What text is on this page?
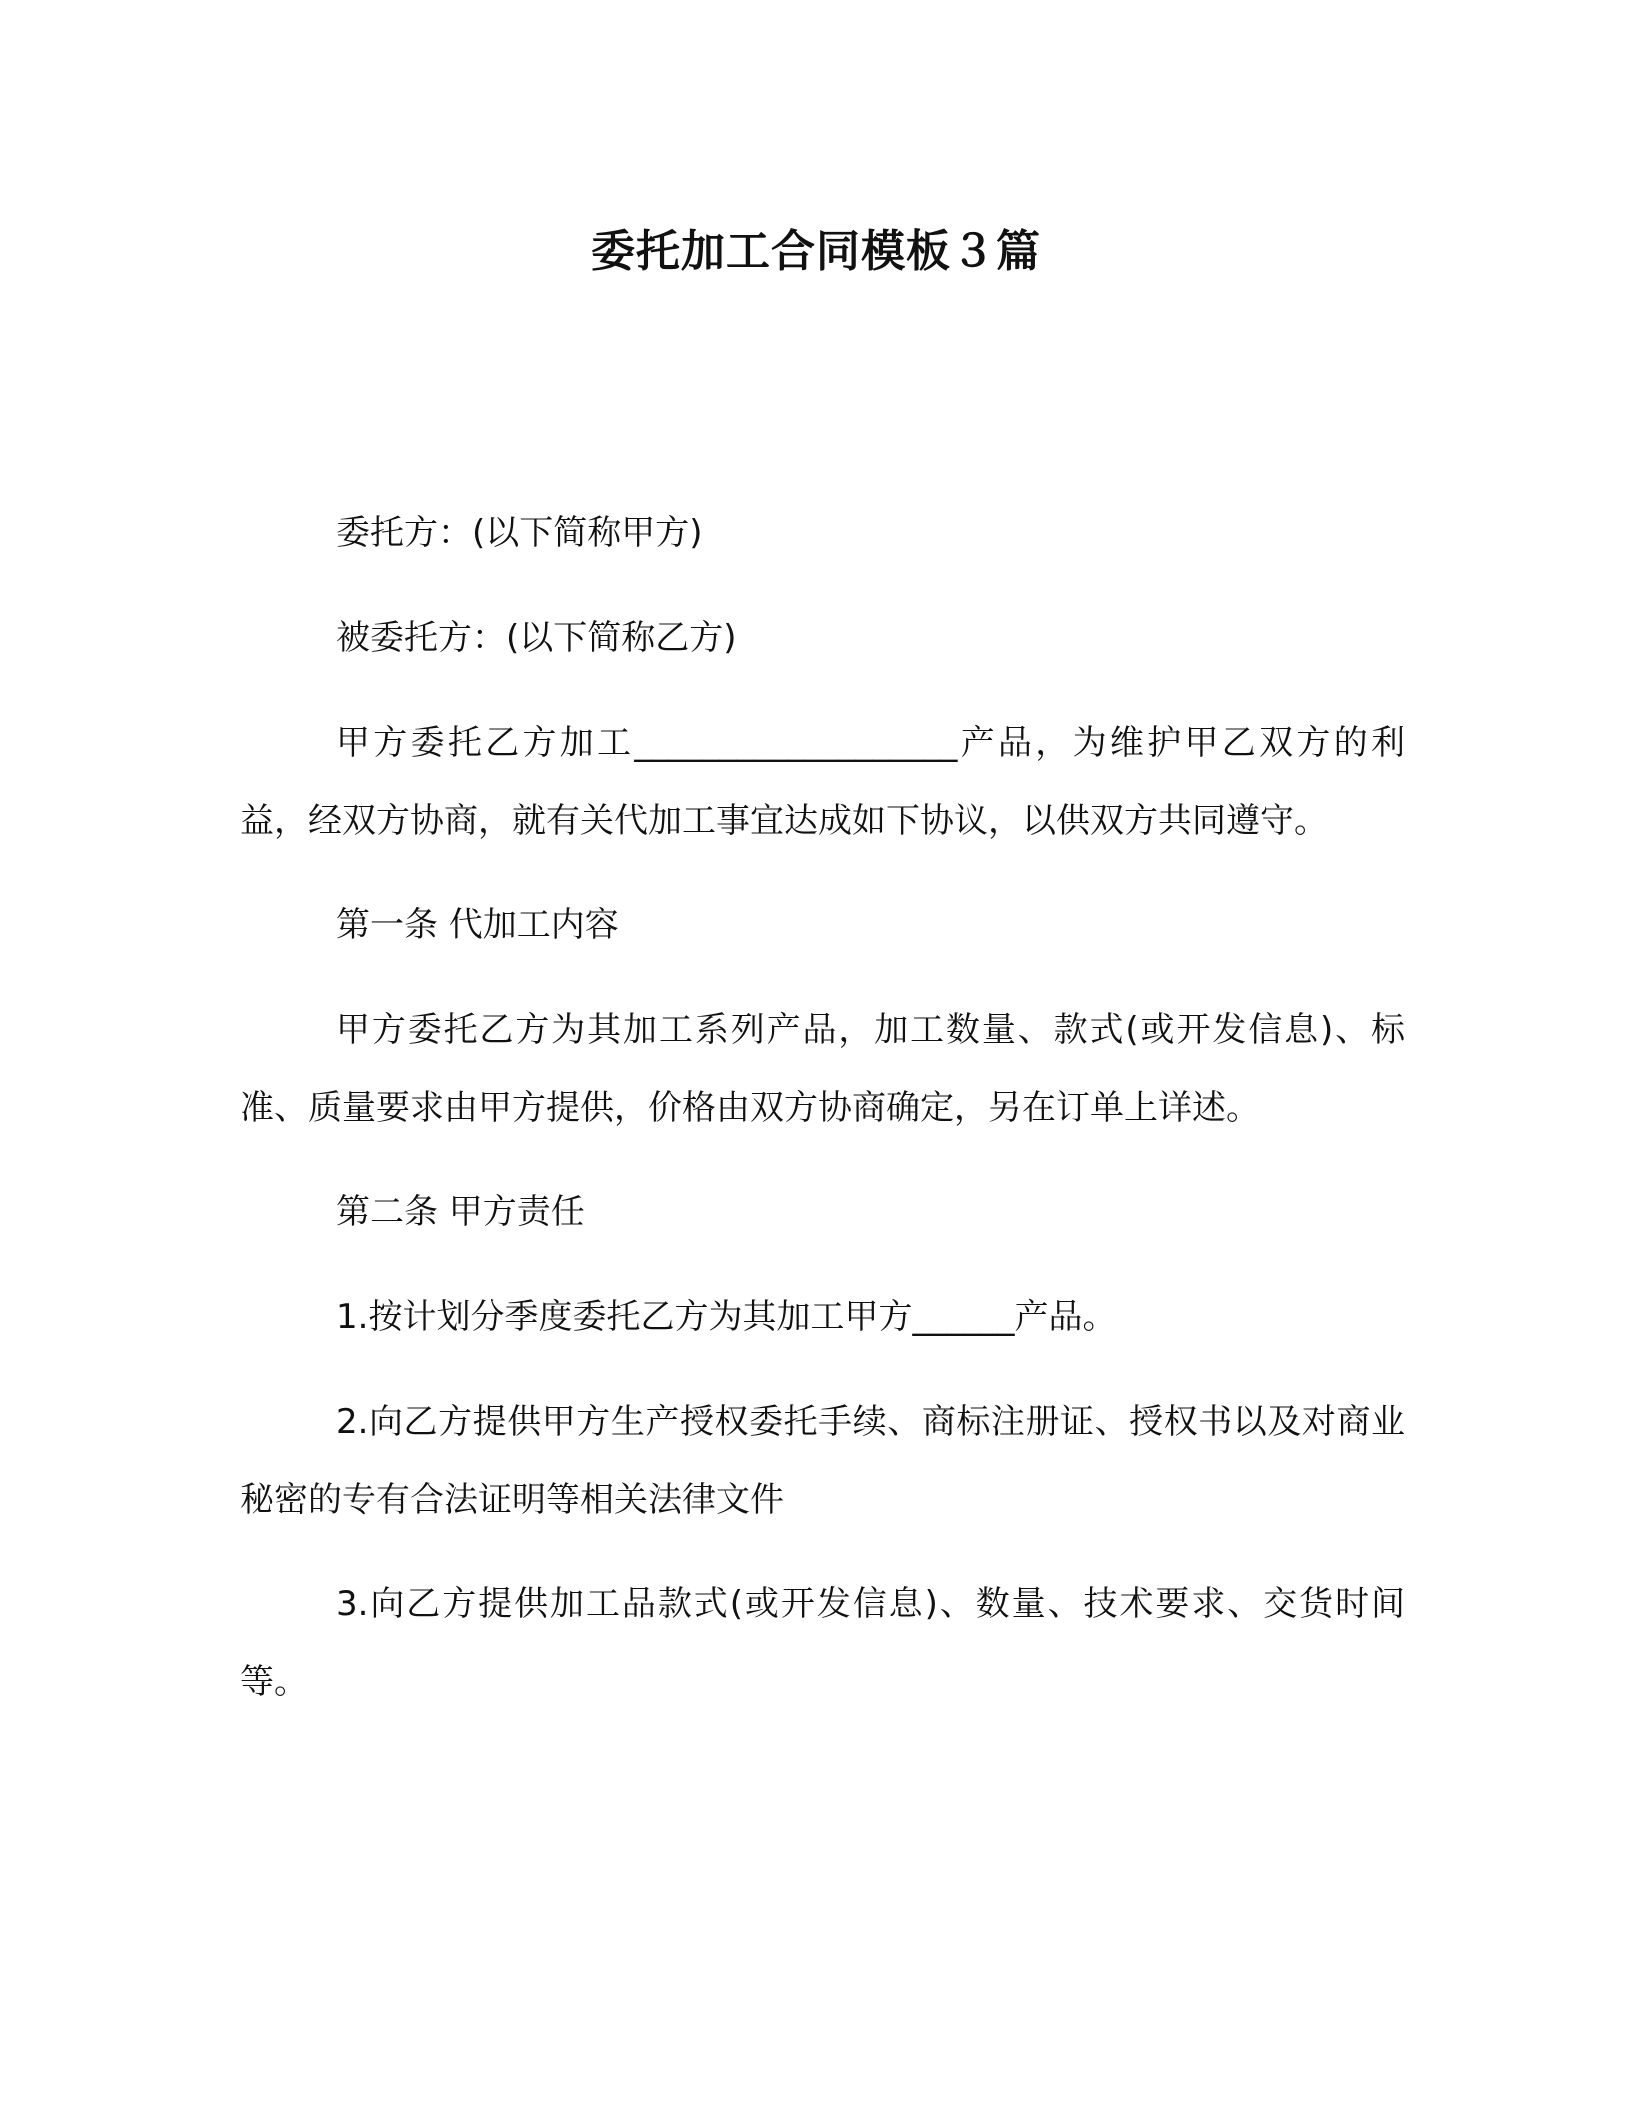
委托加工合同模板３篇

委托方：(以下简称甲方)

被委托方：(以下简称乙方)

甲方委托乙方加工___________________产品，为维护甲乙双方的利益，经双方协商，就有关代加工事宜达成如下协议，以供双方共同遵守。

第一条 代加工内容

甲方委托乙方为其加工系列产品，加工数量、款式(或开发信息)、标准、质量要求由甲方提供，价格由双方协商确定，另在订单上详述。

第二条 甲方责任

1.按计划分季度委托乙方为其加工甲方______产品。

2.向乙方提供甲方生产授权委托手续、商标注册证、授权书以及对商业秘密的专有合法证明等相关法律文件

3.向乙方提供加工品款式(或开发信息)、数量、技术要求、交货时间等。
